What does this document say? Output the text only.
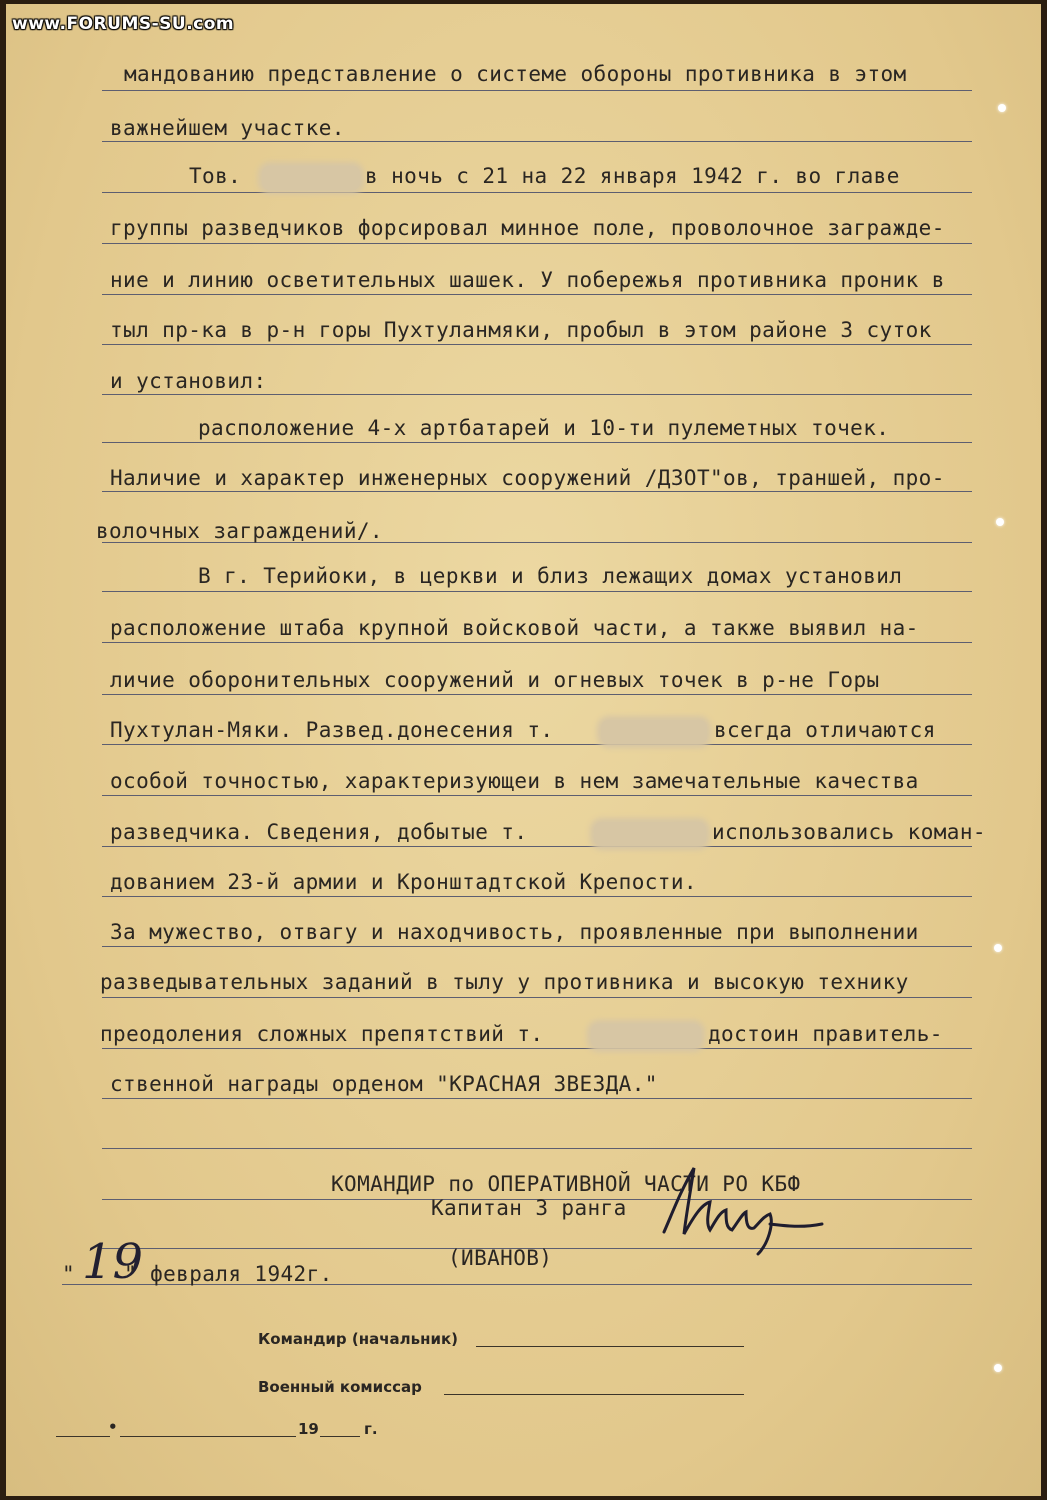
www.FORUMS-SU.com
мандованию представление о системе обороны противника в этом
важнейшем участке.
Тов.	в ночь с 21 на 22 января 1942 г. во главе
группы разведчиков форсировал минное поле, проволочное загражде-
ние и линию осветительных шашек. У побережья противника проник в
тыл пр-ка в р-н горы Пухтуланмяки, пробыл в этом районе 3 суток
и установил:
расположение 4-х артбатарей и 10-ти пулеметных точек.
Наличие и характер инженерных сооружений /ДЗОТ"ов, траншей, про-
волочных заграждений/.
В г. Терийоки, в церкви и близ лежащих домах установил
расположение штаба крупной войсковой части, а также выявил на-
личие оборонительных сооружений и огневых точек в р-не Горы
Пухтулан-Мяки. Развед.донесения т.	всегда отличаются
особой точностью, характеризующеи в нем замечательные качества
разведчика. Сведения, добытые т.	использовались коман-
дованием 23-й армии и Кронштадтской Крепости.
За мужество, отвагу и находчивость, проявленные при выполнении
разведывательных заданий в тылу у противника и высокую технику
преодоления сложных препятствий т.	достоин правитель-
ственной награды орденом "КРАСНАЯ ЗВЕЗДА."
КОМАНДИР по ОПЕРАТИВНОЙ ЧАСТИ РО КБФ
Капитан 3 ранга
(ИВАНОВ)
" 19
" февраля 1942г.
Командир (начальник)
Военный комиссар
•	19	г.
